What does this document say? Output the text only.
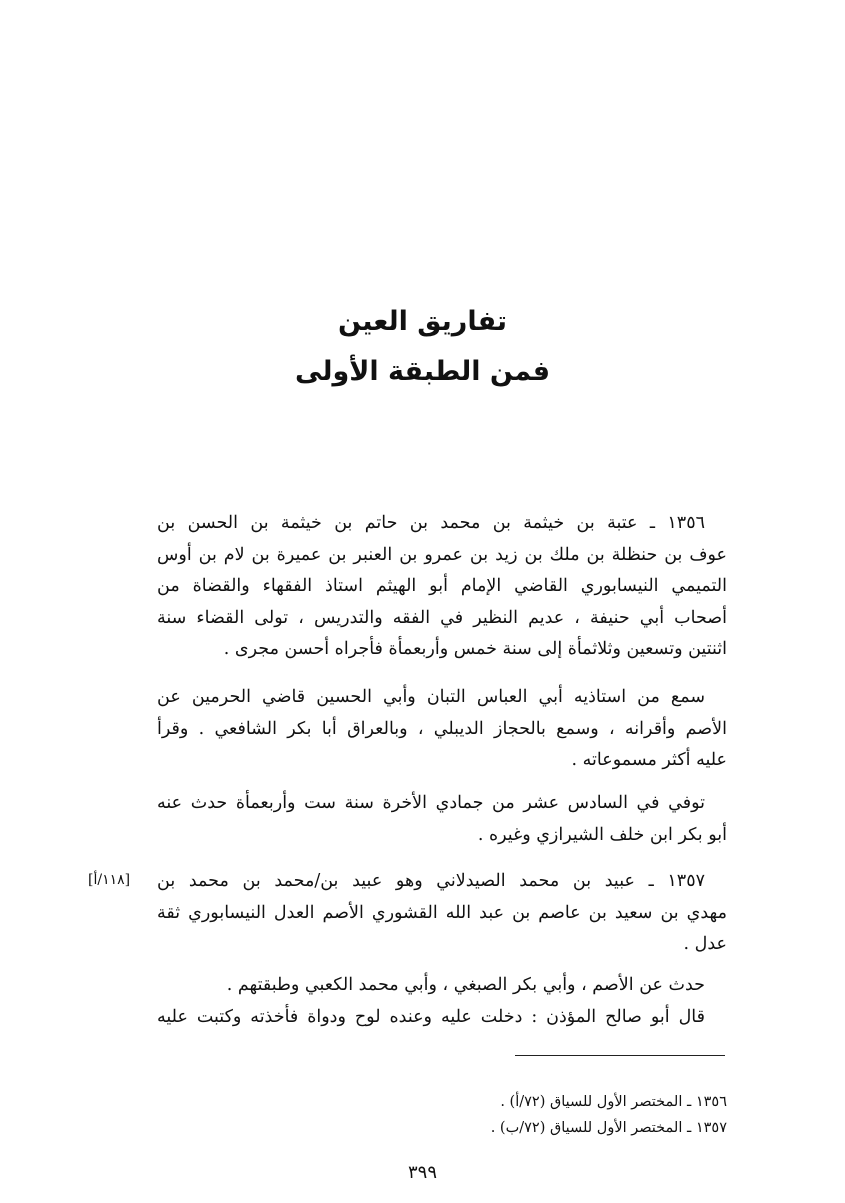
تفاريق العين
فمن الطبقة الأولى
١٣٥٦ ـ عتبة بن خيثمة بن محمد بن حاتم بن خيثمة بن الحسن بن
عوف بن حنظلة بن ملك بن زيد بن عمرو بن العنبر بن عميرة بن لام بن أوس
التميمي النيسابوري القاضي الإمام أبو الهيثم استاذ الفقهاء والقضاة من
أصحاب أبي حنيفة ، عديم النظير في الفقه والتدريس ، تولى القضاء سنة
اثنتين وتسعين وثلاثمأة إلى سنة خمس وأربعمأة فأجراه أحسن مجرى .
سمع من استاذيه أبي العباس التبان وأبي الحسين قاضي الحرمين عن
الأصم وأقرانه ، وسمع بالحجاز الديبلي ، وبالعراق أبا بكر الشافعي . وقرأ
عليه أكثر مسموعاته .
توفي في السادس عشر من جمادي الأخرة سنة ست وأربعمأة حدث عنه
أبو بكر ابن خلف الشيرازي وغيره .
[١١٨/أ] ١٣٥٧ ـ عبيد بن محمد الصيدلاني وهو عبيد بن/محمد بن محمد بن
مهدي بن سعيد بن عاصم بن عبد الله القشوري الأصم العدل النيسابوري ثقة
عدل .
حدث عن الأصم ، وأبي بكر الصبغي ، وأبي محمد الكعبي وطبقتهم .
قال أبو صالح المؤذن : دخلت عليه وعنده لوح ودواة فأخذته وكتبت عليه
١٣٥٦ ـ المختصر الأول للسياق (٧٢/أ) .
١٣٥٧ ـ المختصر الأول للسياق (٧٢/ب) .
٣٩٩
